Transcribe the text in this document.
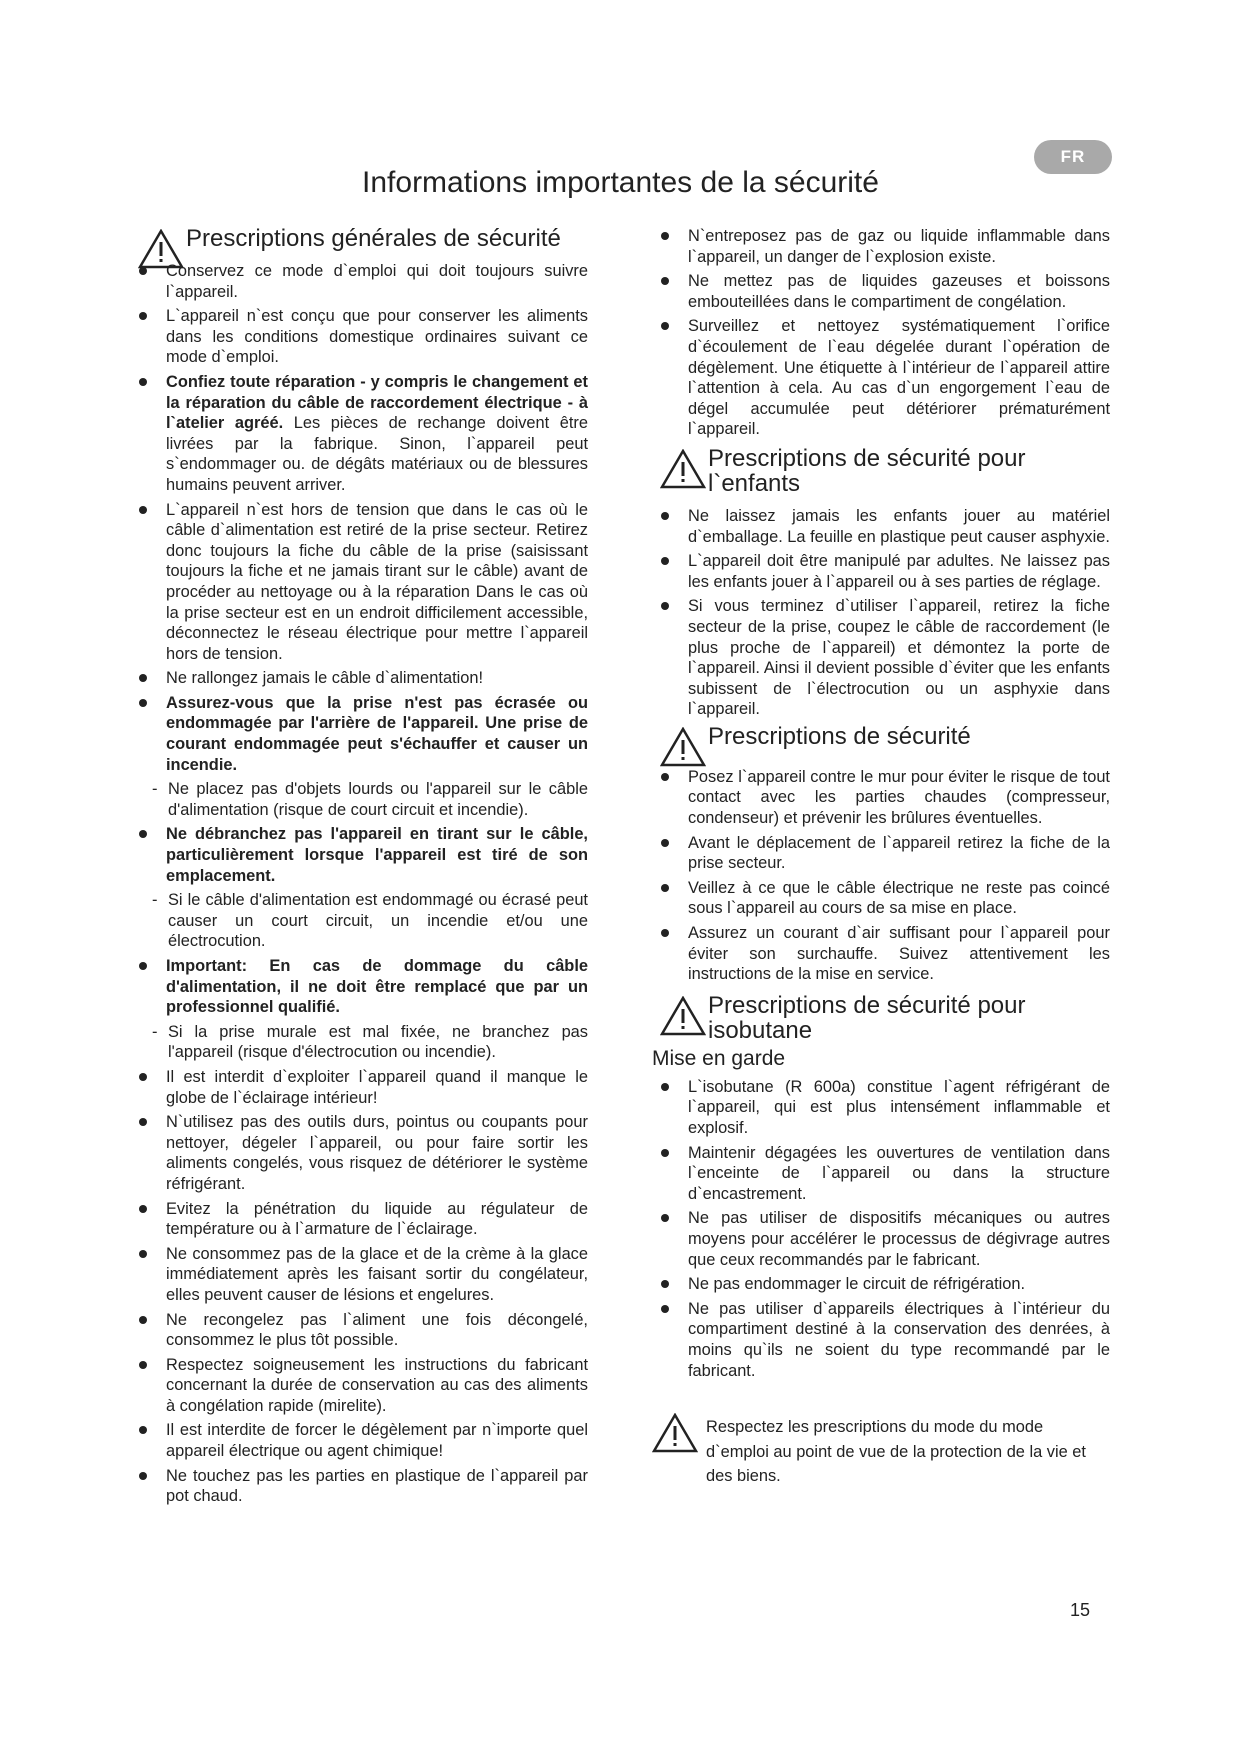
FR
Informations importantes de la sécurité
Prescriptions générales de sécurité
Conservez ce mode d`emploi qui doit toujours suivre l`appareil.
L`appareil n`est conçu que pour conserver les aliments dans les conditions domestique ordinaires suivant ce mode d`emploi.
Confiez toute réparation - y compris le changement et la réparation du câble de raccordement électrique - à l`atelier agréé. Les pièces de rechange doivent être livrées par la fabrique. Sinon, l`appareil peut s`endommager ou. de dégâts matériaux ou de blessures humains peuvent arriver.
L`appareil n`est hors de tension que dans le cas où le câble d`alimentation est retiré de la prise secteur. Retirez donc toujours la fiche du câble de la prise (saisissant toujours la fiche et ne jamais tirant sur le câble) avant de procéder au nettoyage ou à la réparation Dans le cas où la prise secteur est en un endroit difficilement accessible, déconnectez le réseau électrique pour mettre l`appareil hors de tension.
Ne rallongez jamais le câble d`alimentation!
Assurez-vous que la prise n'est pas écrasée ou endommagée par l'arrière de l'appareil. Une prise de courant endommagée peut s'échauffer et causer un incendie.
- Ne placez pas d'objets lourds ou l'appareil sur le câble d'alimentation (risque de court circuit et incendie).
Ne débranchez pas l'appareil en tirant sur le câble, particulièrement lorsque l'appareil est tiré de son emplacement.
- Si le câble d'alimentation est endommagé ou écrasé peut causer un court circuit, un incendie et/ou une électrocution.
Important: En cas de dommage du câble d'alimentation, il ne doit être remplacé que par un professionnel qualifié.
- Si la prise murale est mal fixée, ne branchez pas l'appareil (risque d'électrocution ou incendie).
Il est interdit d`exploiter l`appareil quand il manque le globe de l`éclairage intérieur!
N`utilisez pas des outils durs, pointus ou coupants pour nettoyer, dégeler l`appareil, ou pour faire sortir les aliments congelés, vous risquez de détériorer le système réfrigérant.
Evitez la pénétration du liquide au régulateur de température ou à l`armature de l`éclairage.
Ne consommez pas de la glace et de la crème à la glace immédiatement après les faisant sortir du congélateur, elles peuvent causer de lésions et engelures.
Ne recongelez pas l`aliment une fois décongelé, consommez le plus tôt possible.
Respectez soigneusement les instructions du fabricant concernant la durée de conservation au cas des aliments à congélation rapide (mirelite).
Il est interdite de forcer le dégèlement par n`importe quel appareil électrique ou agent chimique!
Ne touchez pas les parties en plastique de l`appareil par pot chaud.
N`entreposez pas de gaz ou liquide inflammable dans l`appareil, un danger de l`explosion existe.
Ne mettez pas de liquides gazeuses et boissons embouteillées dans le compartiment de congélation.
Surveillez et nettoyez systématiquement l`orifice d`écoulement de l`eau dégelée durant l`opération de dégèlement. Une étiquette à l`intérieur de l`appareil attire l`attention à cela. Au cas d`un engorgement l`eau de dégel accumulée peut détériorer prématurément l`appareil.
Prescriptions de sécurité pour l`enfants
Ne laissez jamais les enfants jouer au matériel d`emballage. La feuille en plastique peut causer asphyxie.
L`appareil doit être manipulé par adultes. Ne laissez pas les enfants jouer à l`appareil ou à ses parties de réglage.
Si vous terminez d`utiliser l`appareil, retirez la fiche secteur de la prise, coupez le câble de raccordement (le plus proche de l`appareil) et démontez la porte de l`appareil. Ainsi il devient possible d`éviter que les enfants subissent de l`électrocution ou un asphyxie dans l`appareil.
Prescriptions de sécurité
Posez l`appareil contre le mur pour éviter le risque de tout contact avec les parties chaudes (compresseur, condenseur) et prévenir les brûlures éventuelles.
Avant le déplacement de l`appareil retirez la fiche de la prise secteur.
Veillez à ce que le câble électrique ne reste pas coincé sous l`appareil au cours de sa mise en place.
Assurez un courant d`air suffisant pour l`appareil pour éviter son surchauffe. Suivez attentivement les instructions de la mise en service.
Prescriptions de sécurité pour isobutane
Mise en garde
L`isobutane (R 600a) constitue l`agent réfrigérant de l`appareil, qui est plus intensément inflammable et explosif.
Maintenir dégagées les ouvertures de ventilation dans l`enceinte de l`appareil ou dans la structure d`encastrement.
Ne pas utiliser de dispositifs mécaniques ou autres moyens pour accélérer le processus de dégivrage autres que ceux recommandés par le fabricant.
Ne pas endommager le circuit de réfrigération.
Ne pas utiliser d`appareils électriques à l`intérieur du compartiment destiné à la conservation des denrées, à moins qu`ils ne soient du type recommandé par le fabricant.
Respectez les prescriptions du mode du mode d`emploi au point de vue de la protection de la vie et des biens.
15
